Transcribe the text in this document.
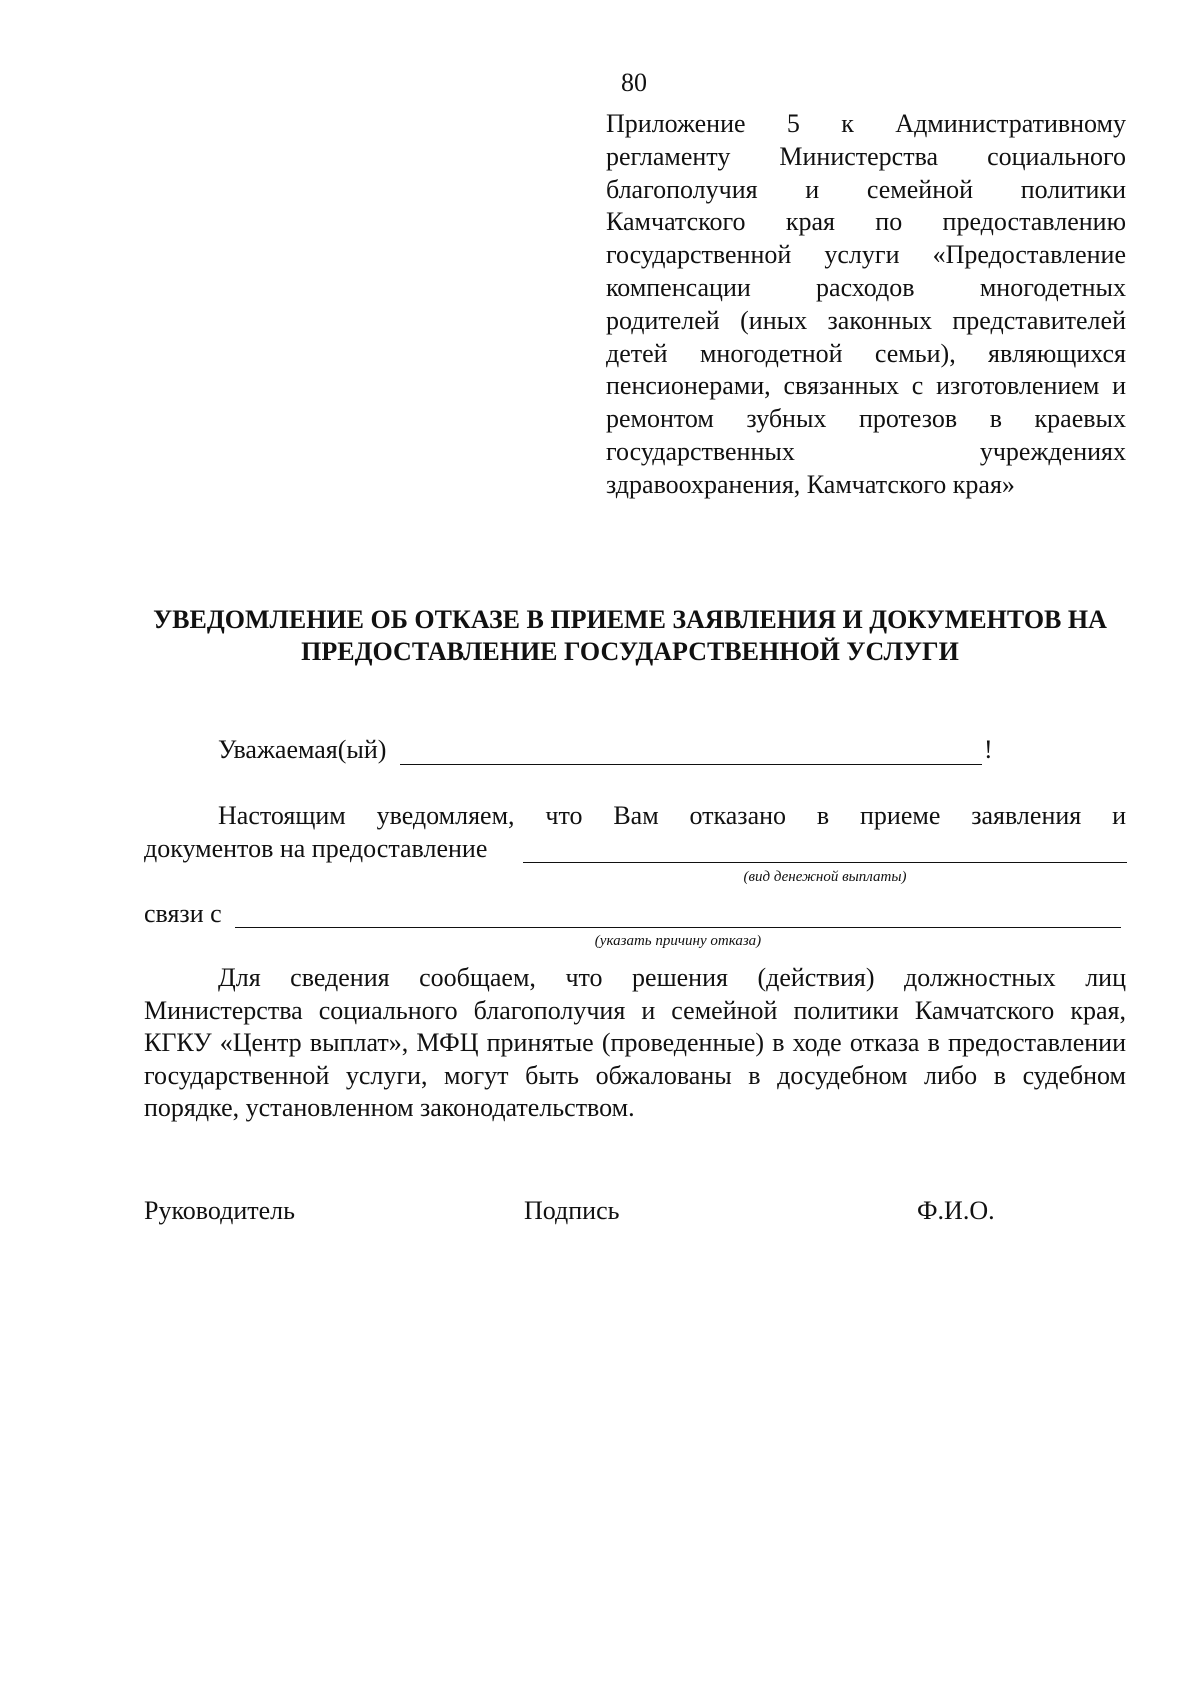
80
Приложение 5 к Административному регламенту Министерства социального благополучия и семейной политики Камчатского края по предоставлению государственной услуги «Предоставление компенсации расходов многодетных родителей (иных законных представителей детей многодетной семьи), являющихся пенсионерами, связанных с изготовлением и ремонтом зубных протезов в краевых государственных учреждениях здравоохранения, Камчатского края»
УВЕДОМЛЕНИЕ ОБ ОТКАЗЕ В ПРИЕМЕ ЗАЯВЛЕНИЯ И ДОКУМЕНТОВ НА ПРЕДОСТАВЛЕНИЕ ГОСУДАРСТВЕННОЙ УСЛУГИ
Уважаемая(ый)	!
Настоящим уведомляем, что Вам отказано в приеме заявления и
документов на предоставление
(вид денежной выплаты)
связи с
(указать причину отказа)
Для сведения сообщаем, что решения (действия) должностных лиц Министерства социального благополучия и семейной политики Камчатского края, КГКУ «Центр выплат», МФЦ принятые (проведенные) в ходе отказа в предоставлении государственной услуги, могут быть обжалованы в досудебном либо в судебном порядке, установленном законодательством.
Руководитель	Подпись	Ф.И.О.
